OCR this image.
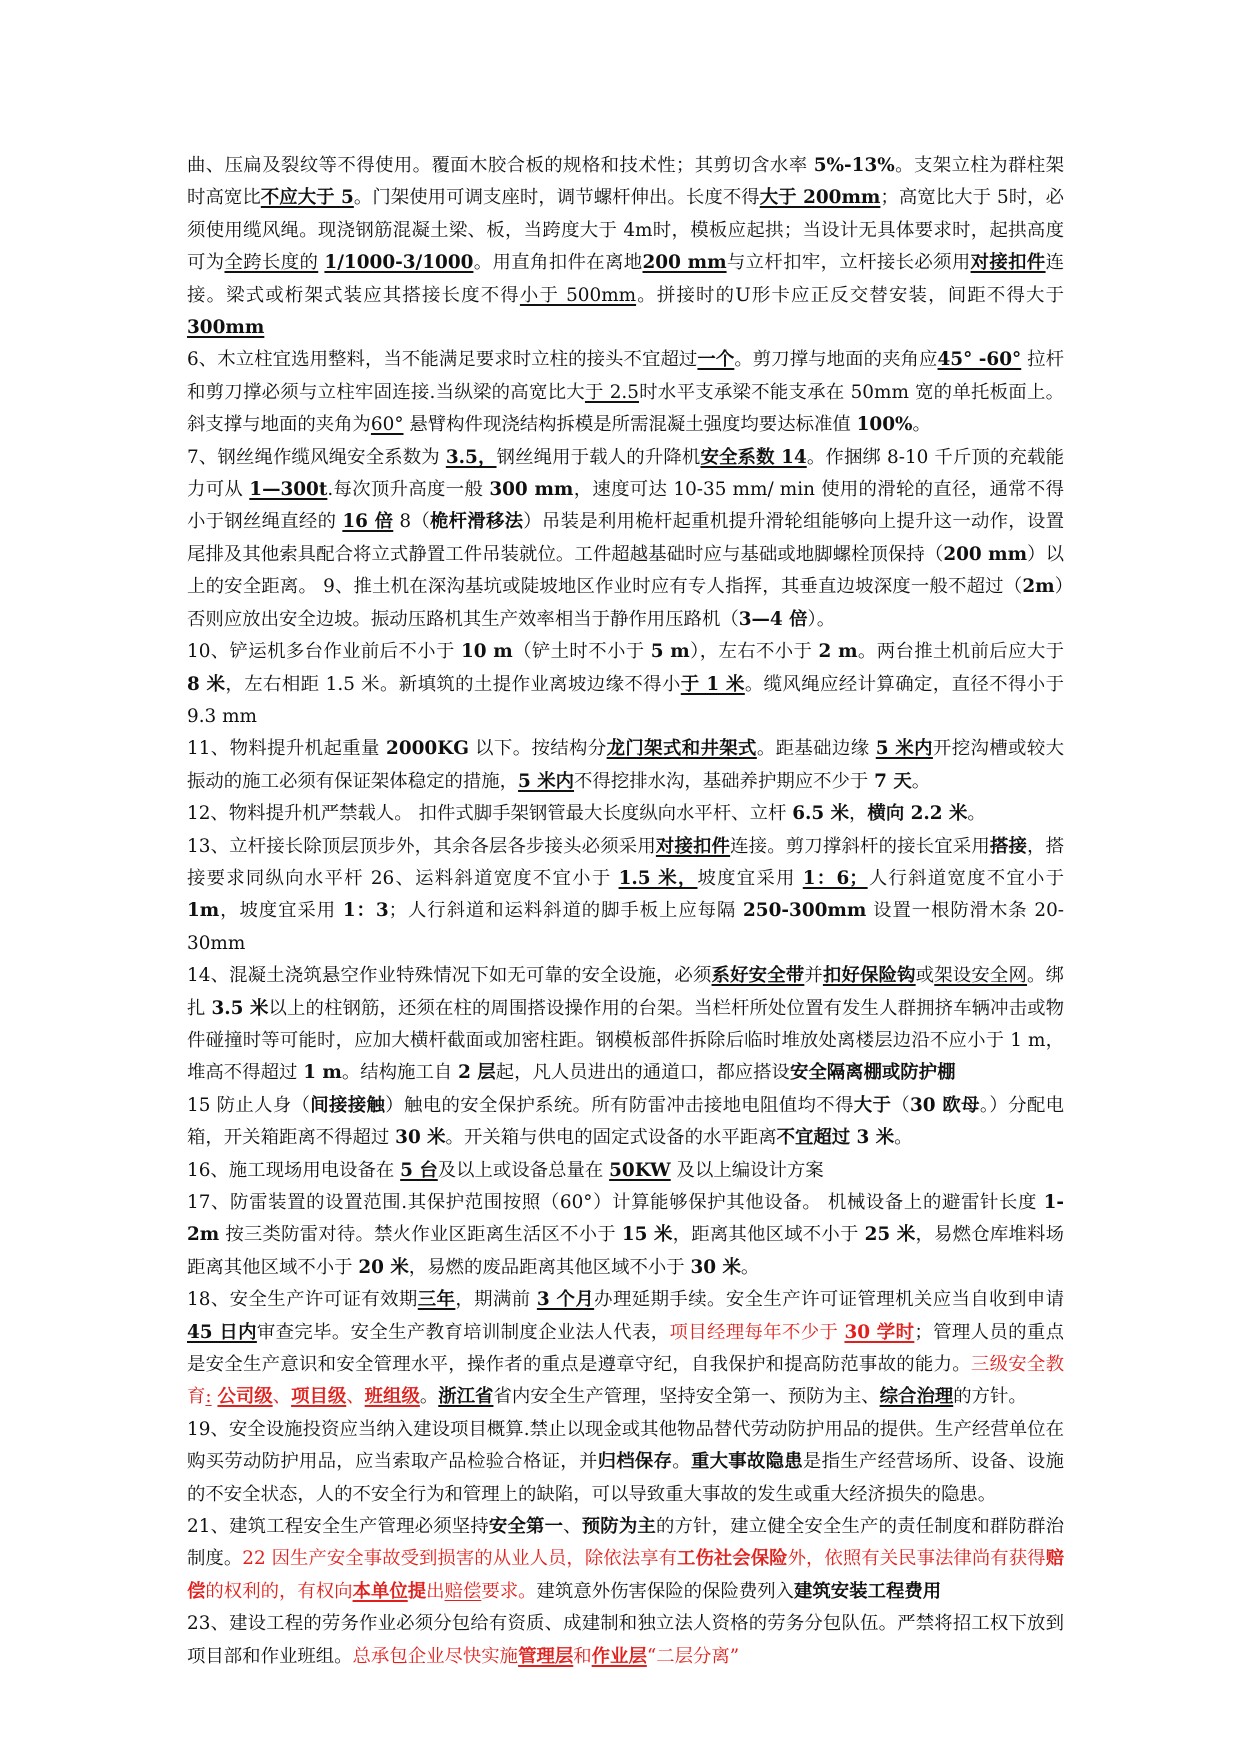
曲、压扁及裂纹等不得使用。覆面木胶合板的规格和技术性；其剪切含水率 5%-13%。支架立柱为群柱架时高宽比不应大于 5。门架使用可调支座时，调节螺杆伸出。长度不得大于 200mm；高宽比大于 5时，必须使用缆风绳。现浇钢筋混凝土梁、板，当跨度大于 4m时，模板应起拱；当设计无具体要求时，起拱高度可为全跨长度的 1/1000-3/1000。用直角扣件在离地200 mm与立杆扣牢，立杆接长必须用对接扣件连接。梁式或桁架式装应其搭接长度不得小于 500mm。拼接时的U形卡应正反交替安装，间距不得大于 300mm

6、木立柱宜选用整料，当不能满足要求时立柱的接头不宜超过一个。剪刀撑与地面的夹角应45° -60° 拉杆和剪刀撑必须与立柱牢固连接.当纵梁的高宽比大于 2.5时水平支承梁不能支承在 50mm 宽的单托板面上。斜支撑与地面的夹角为60° 悬臂构件现浇结构拆模是所需混凝土强度均要达标准值 100%。

7、钢丝绳作缆风绳安全系数为 3.5，钢丝绳用于载人的升降机安全系数 14。作捆绑 8-10 千斤顶的充载能力可从 1—300t.每次顶升高度一般 300 mm，速度可达 10-35 mm/ min 使用的滑轮的直径，通常不得小于钢丝绳直经的 16 倍 8（桅杆滑移法）吊装是利用桅杆起重机提升滑轮组能够向上提升这一动作，设置尾排及其他索具配合将立式静置工件吊装就位。工件超越基础时应与基础或地脚螺栓顶保持（200 mm）以上的安全距离。 9、推土机在深沟基坑或陡坡地区作业时应有专人指挥，其垂直边坡深度一般不超过（2m）否则应放出安全边坡。振动压路机其生产效率相当于静作用压路机（3—4 倍）。

10、铲运机多台作业前后不小于 10 m（铲土时不小于 5 m），左右不小于 2 m。两台推土机前后应大于 8 米，左右相距 1.5 米。新填筑的土提作业离坡边缘不得小于 1 米。缆风绳应经计算确定，直径不得小于 9.3 mm

11、物料提升机起重量 2000KG 以下。按结构分龙门架式和井架式。距基础边缘 5 米内开挖沟槽或较大振动的施工必须有保证架体稳定的措施，5 米内不得挖排水沟，基础养护期应不少于 7 天。

12、物料提升机严禁载人。 扣件式脚手架钢管最大长度纵向水平杆、立杆 6.5 米，横向 2.2 米。

13、立杆接长除顶层顶步外，其余各层各步接头必须采用对接扣件连接。剪刀撑斜杆的接长宜采用搭接，搭接要求同纵向水平杆 26、运料斜道宽度不宜小于 1.5 米，坡度宜采用 1：6；人行斜道宽度不宜小于 1m，坡度宜采用 1：3；人行斜道和运料斜道的脚手板上应每隔 250-300mm 设置一根防滑木条 20-30mm

14、混凝土浇筑悬空作业特殊情况下如无可靠的安全设施，必须系好安全带并扣好保险钩或架设安全网。绑扎 3.5 米以上的柱钢筋，还须在柱的周围搭设操作用的台架。当栏杆所处位置有发生人群拥挤车辆冲击或物件碰撞时等可能时，应加大横杆截面或加密柱距。钢模板部件拆除后临时堆放处离楼层边沿不应小于 1 m，堆高不得超过 1 m。结构施工自 2 层起，凡人员进出的通道口，都应搭设安全隔离棚或防护棚

15 防止人身（间接接触）触电的安全保护系统。所有防雷冲击接地电阻值均不得大于（30 欧母。）分配电箱，开关箱距离不得超过 30 米。开关箱与供电的固定式设备的水平距离不宜超过 3 米。

16、施工现场用电设备在 5 台及以上或设备总量在 50KW 及以上编设计方案

17、防雷装置的设置范围.其保护范围按照（60°）计算能够保护其他设备。 机械设备上的避雷针长度 1-2m 按三类防雷对待。禁火作业区距离生活区不小于 15 米，距离其他区域不小于 25 米，易燃仓库堆料场距离其他区域不小于 20 米，易燃的废品距离其他区域不小于 30 米。

18、安全生产许可证有效期三年，期满前 3 个月办理延期手续。安全生产许可证管理机关应当自收到申请 45 日内审查完毕。安全生产教育培训制度企业法人代表，项目经理每年不少于 30 学时；管理人员的重点是安全生产意识和安全管理水平，操作者的重点是遵章守纪，自我保护和提高防范事故的能力。三级安全教育: 公司级、项目级、班组级。浙江省省内安全生产管理，坚持安全第一、预防为主、综合治理的方针。

19、安全设施投资应当纳入建设项目概算.禁止以现金或其他物品替代劳动防护用品的提供。生产经营单位在购买劳动防护用品，应当索取产品检验合格证，并归档保存。重大事故隐患是指生产经营场所、设备、设施的不安全状态，人的不安全行为和管理上的缺陷，可以导致重大事故的发生或重大经济损失的隐患。

21、建筑工程安全生产管理必须坚持安全第一、预防为主的方针，建立健全安全生产的责任制度和群防群治制度。22 因生产安全事故受到损害的从业人员，除依法享有工伤社会保险外，依照有关民事法律尚有获得赔偿的权利的，有权向本单位提出赔偿要求。建筑意外伤害保险的保险费列入建筑安装工程费用

23、建设工程的劳务作业必须分包给有资质、成建制和独立法人资格的劳务分包队伍。严禁将招工权下放到项目部和作业班组。总承包企业尽快实施管理层和作业层“二层分离”
